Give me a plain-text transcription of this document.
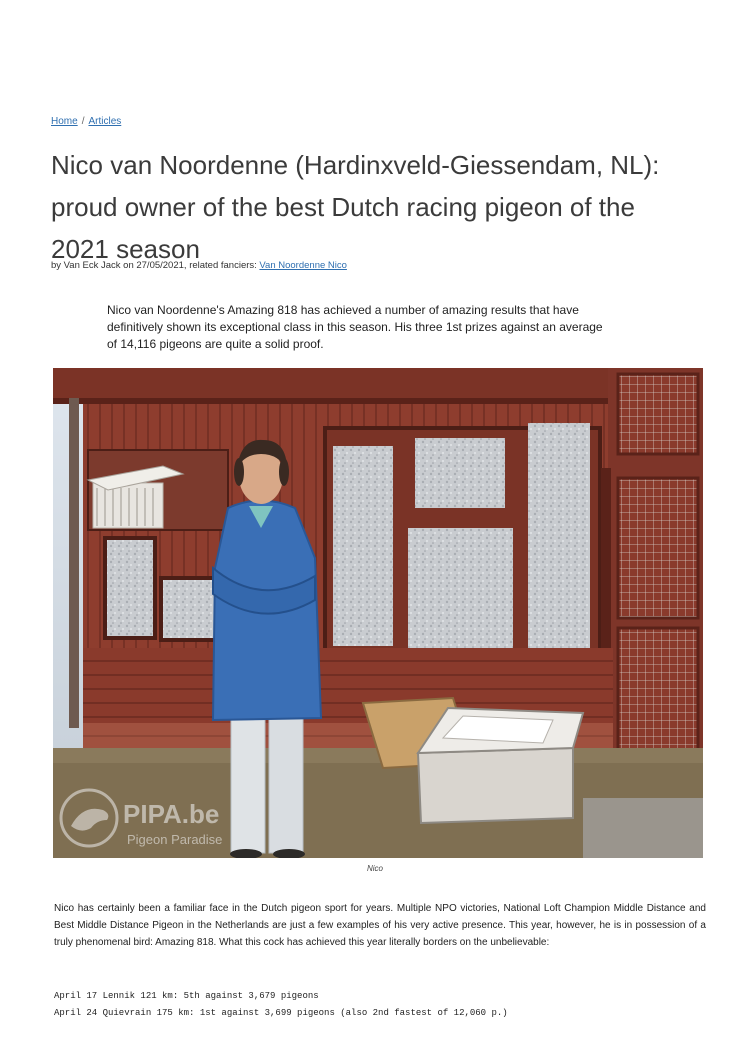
Home / Articles
Nico van Noordenne (Hardinxveld-Giessendam, NL): proud owner of the best Dutch racing pigeon of the 2021 season
by Van Eck Jack on 27/05/2021, related fanciers: Van Noordenne Nico

Nico van Noordenne's Amazing 818 has achieved a number of amazing results that have definitively shown its exceptional class in this season. His three 1st prizes against an average of 14,116 pigeons are quite a solid proof.

PIPA.be
Pigeon Paradise
Nico

Nico has certainly been a familiar face in the Dutch pigeon sport for years. Multiple NPO victories, National Loft Champion Middle Distance and Best Middle Distance Pigeon in the Netherlands are just a few examples of his very active presence. This year, however, he is in possession of a truly phenomenal bird: Amazing 818. What this cock has achieved this year literally borders on the unbelievable:

April 17 Lennik 121 km: 5th against 3,679 pigeons
April 24 Quievrain 175 km: 1st against 3,699 pigeons (also 2nd fastest of 12,060 p.)
